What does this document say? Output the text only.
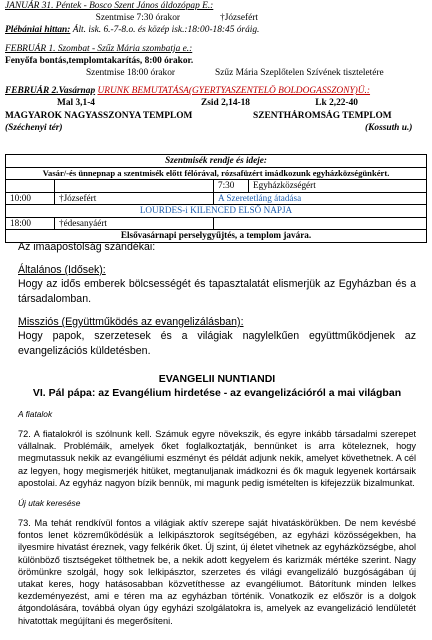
JANUÁR 31. Péntek - Bosco Szent János áldozópap E.:

Szentmise 7:30 órakor	†Józsefért

Plébániai hittan: Ált. isk. 6.-7-8.o. és közép isk.:18:00-18:45 óráig.

FEBRUÁR 1. Szombat - Szűz Mária szombatja e.:

Fenyőfa bontás,templomtakarítás, 8:00 órakor.

Szentmise 18:00 órakor	Szűz Mária Szeplőtelen Szívének tiszteletére

FEBRUÁR 2.Vasárnap URUNK BEMUTATÁSA(GYERTYASZENTELŐ BOLDOGASSZONY)Ü.:

Mal 3,1-4	Zsid 2,14-18	Lk 2,22-40

MAGYAROK NAGYASSZONYA TEMPLOM	SZENTHÁROMSÁG TEMPLOM

(Széchenyi tér)	(Kossuth u.)

Szentmisék rendje és ideje:			
Vasár/-és ünnepnap a szentmisék előtt félórával, rózsafüzért imádkozunk egyházközségünkért.			
		7:30	Egyházközségért
10:00	†Józsefért	A Szeretetláng átadása	
LOURDES-i KILENCED ELSŐ NAPJA			
18:00	†édesanyáért		
Elsővasárnapi perselygyűjtés, a templom javára.			

Az imaapostolság szándékai:

Általános (Idősek):

Hogy az idős emberek bölcsességét és tapasztalatát elismerjük az Egyházban és a társadalomban.

Missziós (Együttműködés az evangelizálásban):

Hogy papok, szerzetesek és a világiak nagylelkűen együttműködjenek az evangelizációs küldetésben.

EVANGELII NUNTIANDI

VI. Pál pápa: az Evangélium hirdetése - az evangelizációról a mai világban

A fiatalok

72. A fiatalokról is szólnunk kell. Számuk egyre növekszik, és egyre inkább társadalmi szerepet vállalnak. Problémáik, amelyek őket foglalkoztatják, bennünket is arra köteleznek, hogy megmutassuk nekik az evangéliumi eszményt és példát adjunk nekik, amelyet követhetnek. A cél az legyen, hogy megismerjék hitüket, megtanuljanak imádkozni és ők maguk legyenek kortársaik apostolai. Az egyház nagyon bízik bennük, mi magunk pedig ismételten is kifejezzük bizalmunkat.

Új utak keresése

73. Ma tehát rendkívül fontos a világiak aktív szerepe saját hivatáskörükben. De nem kevésbé fontos lenet közreműködésük a lelkipásztorok segítségében, az egyházi közösségekben, ha ilyesmire hivatást éreznek, vagy felkérik őket. Új szint, új életet vihetnek az egyházközségbe, ahol különböző tisztségeket tölthetnek be, a nekik adott kegyelem és karizmák mértéke szerint. Nagy örömünkre szolgál, hogy sok lelkipásztor, szerzetes és világi evangelizáló buzgóságában új utakat keres, hogy hatásosabban közvetíthesse az evangéliumot. Bátorítunk minden lelkes kezdeményezést, ami e téren ma az egyházban történik. Vonatkozik ez először is a dolgok átgondolására, továbbá olyan úgy egyházi szolgálatokra is, amelyek az evangelizáció lendületét hivatottak megújítani és megerősíteni.
